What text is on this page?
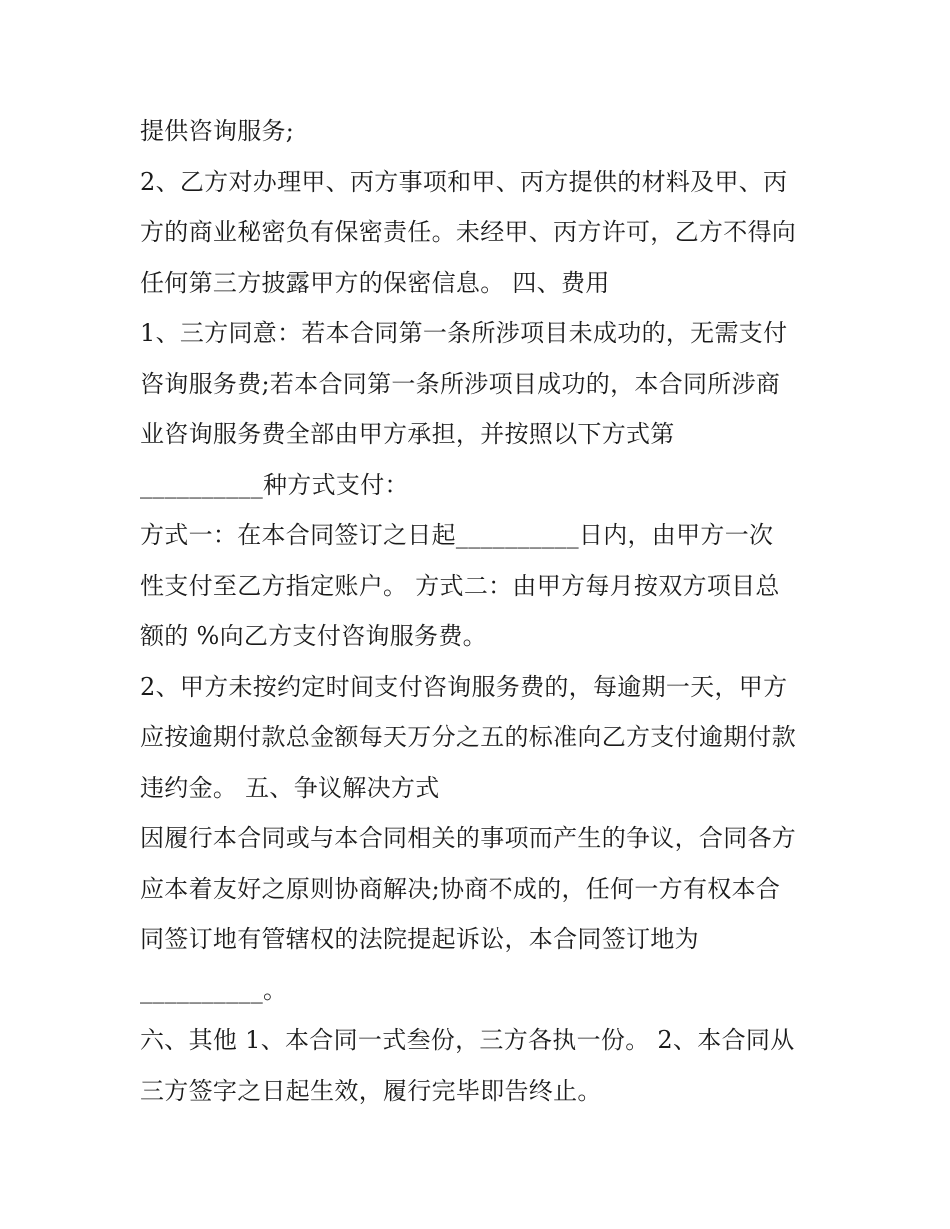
提供咨询服务;
2、乙方对办理甲、丙方事项和甲、丙方提供的材料及甲、丙
方的商业秘密负有保密责任。未经甲、丙方许可，乙方不得向
任何第三方披露甲方的保密信息。 四、费用
1、三方同意：若本合同第一条所涉项目未成功的，无需支付
咨询服务费;若本合同第一条所涉项目成功的，本合同所涉商
业咨询服务费全部由甲方承担，并按照以下方式第
__________种方式支付：
方式一：在本合同签订之日起__________日内，由甲方一次
性支付至乙方指定账户。 方式二：由甲方每月按双方项目总
额的 %向乙方支付咨询服务费。
2、甲方未按约定时间支付咨询服务费的，每逾期一天，甲方
应按逾期付款总金额每天万分之五的标准向乙方支付逾期付款
违约金。 五、争议解决方式
因履行本合同或与本合同相关的事项而产生的争议，合同各方
应本着友好之原则协商解决;协商不成的，任何一方有权本合
同签订地有管辖权的法院提起诉讼，本合同签订地为
__________。
六、其他 1、本合同一式叁份，三方各执一份。 2、本合同从
三方签字之日起生效，履行完毕即告终止。
